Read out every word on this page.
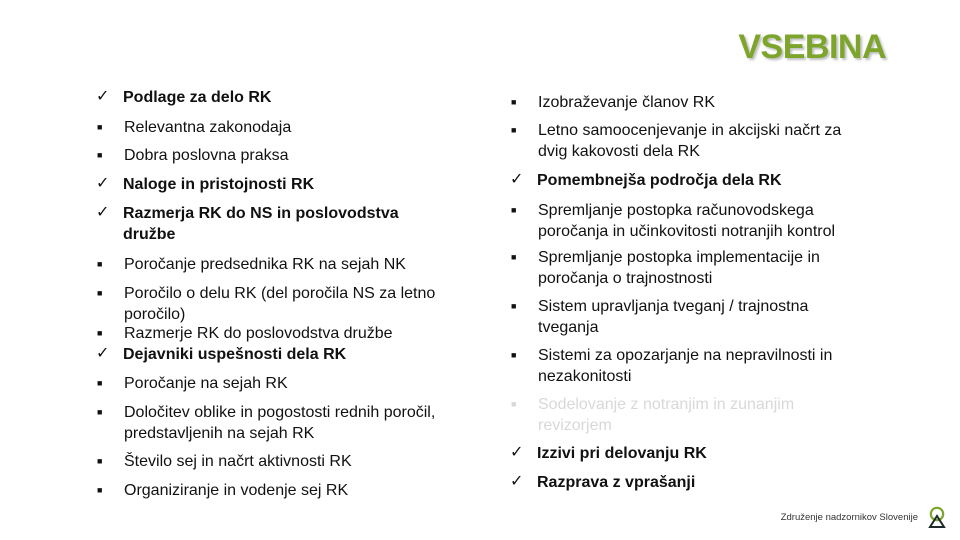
VSEBINA
✓ Podlage za delo RK
■	Relevantna zakonodaja
■	Dobra poslovna praksa
✓ Naloge in pristojnosti RK
✓ Razmerja RK do NS in poslovodstva družbe
■	Poročanje predsednika RK na sejah NK
■	Poročilo o delu RK (del poročila NS za letno poročilo)
■	Razmerje RK do poslovodstva družbe
✓ Dejavniki uspešnosti dela RK
■	Poročanje na sejah RK
■	Določitev oblike in pogostosti rednih poročil, predstavljenih na sejah RK
■	Število sej in načrt aktivnosti RK
■	Organiziranje in vodenje sej RK
■	Izobraževanje članov RK
■	Letno samoocenjevanje in akcijski načrt za dvig kakovosti dela RK
✓ Pomembnejša področja dela RK
■	Spremljanje postopka računovodskega poročanja in učinkovitosti notranjih kontrol
■	Spremljanje postopka implementacije in poročanja o trajnostnosti
■	Sistem upravljanja tveganj / trajnostna tveganja
■	Sistemi za opozarjanje na nepravilnosti in nezakonitosti
■	Sodelovanje z notranjim in zunanjim revizorjem
✓ Izzivi pri delovanju RK
✓ Razprava z vprašanji
Združenje nadzornikov Slovenije
